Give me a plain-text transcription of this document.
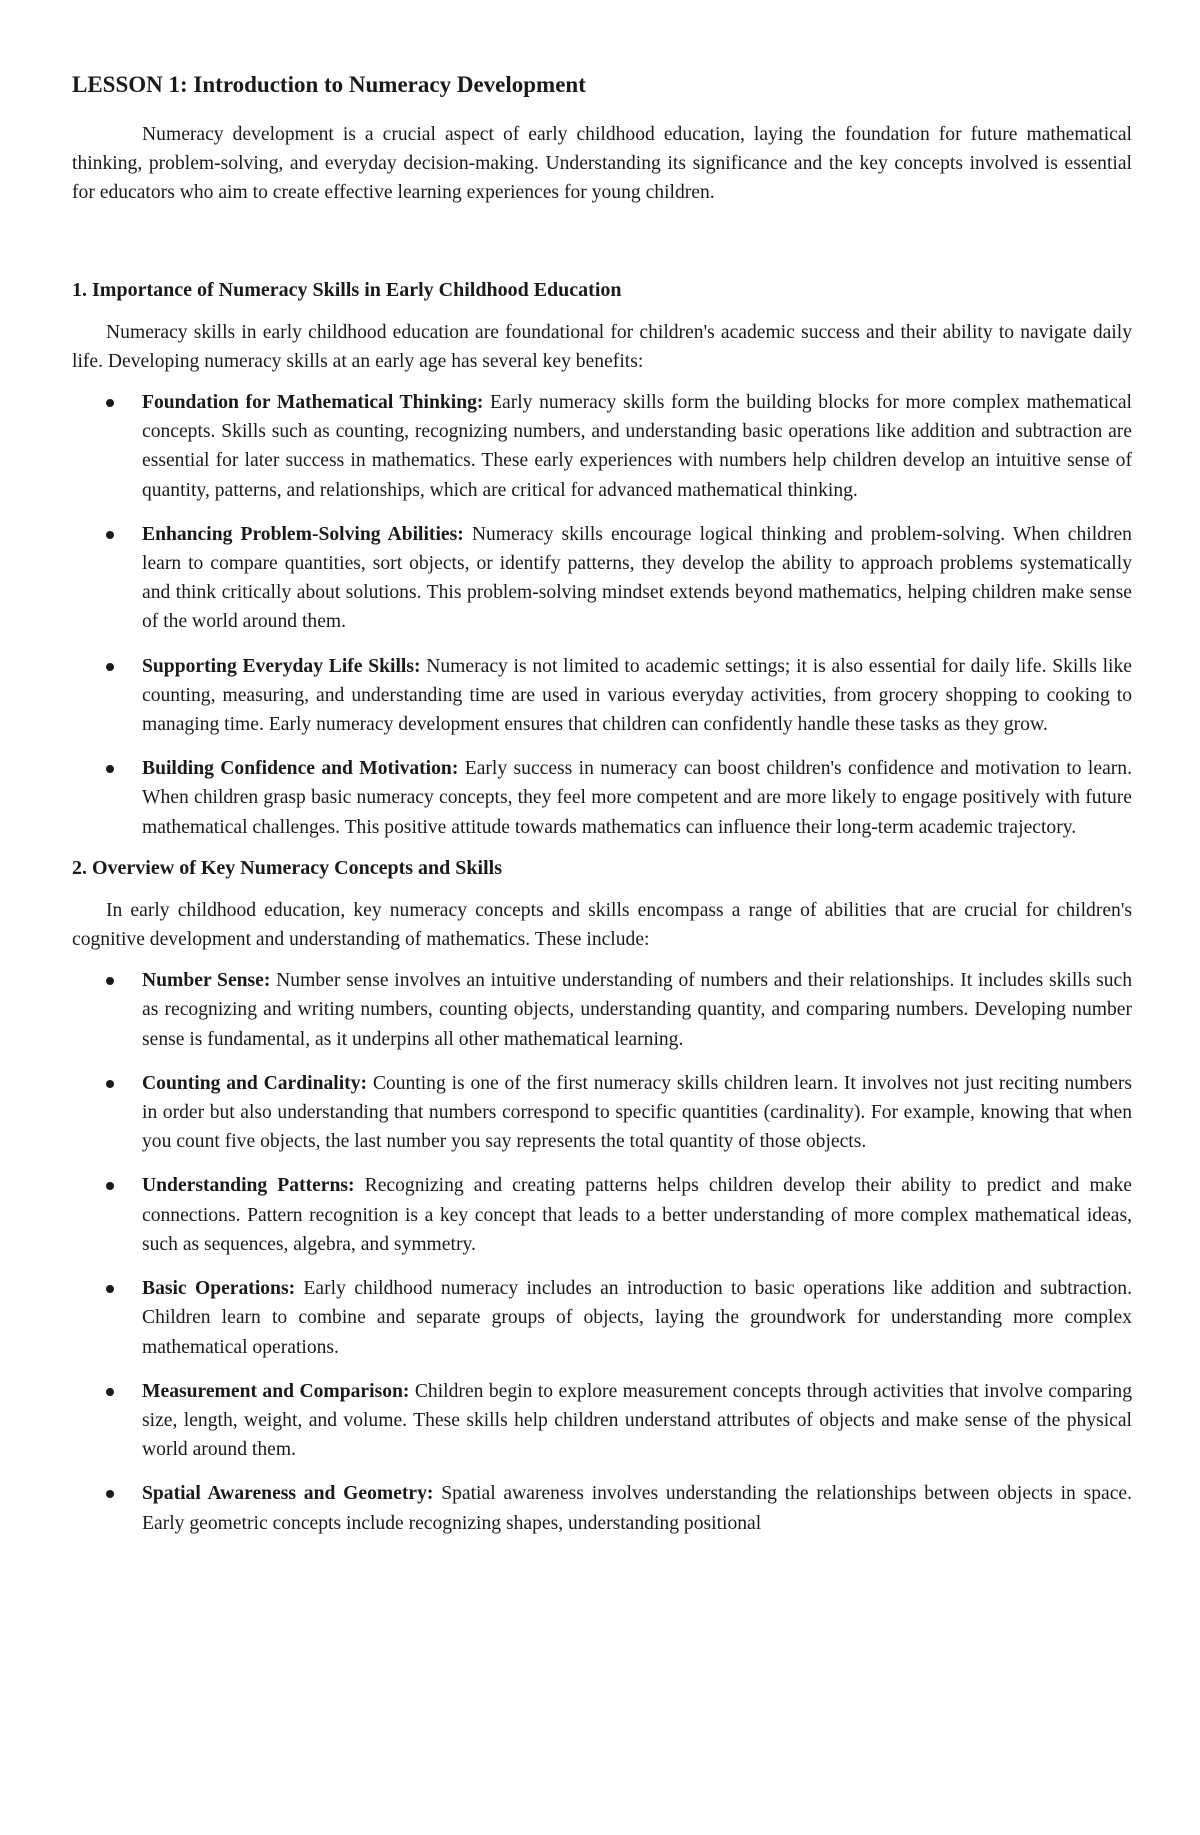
LESSON 1: Introduction to Numeracy Development

Numeracy development is a crucial aspect of early childhood education, laying the foundation for future mathematical thinking, problem-solving, and everyday decision-making. Understanding its significance and the key concepts involved is essential for educators who aim to create effective learning experiences for young children.

1. Importance of Numeracy Skills in Early Childhood Education

Numeracy skills in early childhood education are foundational for children's academic success and their ability to navigate daily life. Developing numeracy skills at an early age has several key benefits:

Foundation for Mathematical Thinking: Early numeracy skills form the building blocks for more complex mathematical concepts. Skills such as counting, recognizing numbers, and understanding basic operations like addition and subtraction are essential for later success in mathematics. These early experiences with numbers help children develop an intuitive sense of quantity, patterns, and relationships, which are critical for advanced mathematical thinking.
Enhancing Problem-Solving Abilities: Numeracy skills encourage logical thinking and problem-solving. When children learn to compare quantities, sort objects, or identify patterns, they develop the ability to approach problems systematically and think critically about solutions. This problem-solving mindset extends beyond mathematics, helping children make sense of the world around them.
Supporting Everyday Life Skills: Numeracy is not limited to academic settings; it is also essential for daily life. Skills like counting, measuring, and understanding time are used in various everyday activities, from grocery shopping to cooking to managing time. Early numeracy development ensures that children can confidently handle these tasks as they grow.
Building Confidence and Motivation: Early success in numeracy can boost children's confidence and motivation to learn. When children grasp basic numeracy concepts, they feel more competent and are more likely to engage positively with future mathematical challenges. This positive attitude towards mathematics can influence their long-term academic trajectory.
2. Overview of Key Numeracy Concepts and Skills

In early childhood education, key numeracy concepts and skills encompass a range of abilities that are crucial for children's cognitive development and understanding of mathematics. These include:

Number Sense: Number sense involves an intuitive understanding of numbers and their relationships. It includes skills such as recognizing and writing numbers, counting objects, understanding quantity, and comparing numbers. Developing number sense is fundamental, as it underpins all other mathematical learning.
Counting and Cardinality: Counting is one of the first numeracy skills children learn. It involves not just reciting numbers in order but also understanding that numbers correspond to specific quantities (cardinality). For example, knowing that when you count five objects, the last number you say represents the total quantity of those objects.
Understanding Patterns: Recognizing and creating patterns helps children develop their ability to predict and make connections. Pattern recognition is a key concept that leads to a better understanding of more complex mathematical ideas, such as sequences, algebra, and symmetry.
Basic Operations: Early childhood numeracy includes an introduction to basic operations like addition and subtraction. Children learn to combine and separate groups of objects, laying the groundwork for understanding more complex mathematical operations.
Measurement and Comparison: Children begin to explore measurement concepts through activities that involve comparing size, length, weight, and volume. These skills help children understand attributes of objects and make sense of the physical world around them.
Spatial Awareness and Geometry: Spatial awareness involves understanding the relationships between objects in space. Early geometric concepts include recognizing shapes, understanding positional
